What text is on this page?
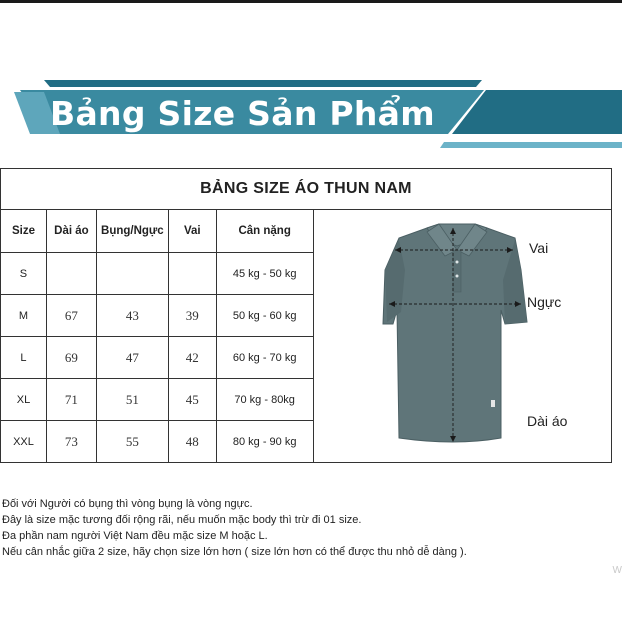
Bảng Size Sản Phẩm
BẢNG SIZE ÁO THUN NAM					
Size	Dài áo	Bụng/Ngực	Vai	Cân nặng	
S				45 kg - 50 kg	
M	67	43	39	50 kg - 60 kg	
L	69	47	42	60 kg - 70 kg	
XL	71	51	45	70 kg - 80kg	
XXL	73	55	48	80 kg - 90 kg	
Vai
Ngực
Dài áo
Đối với Người có bụng thì vòng bụng là vòng ngực.
Đây là size mặc tương đối rộng rãi, nếu muốn mặc body thì trừ đi 01 size.
Đa phần nam người Việt Nam đều mặc size M hoặc L.
Nếu cân nhắc giữa 2 size, hãy chọn size lớn hơn ( size lớn hơn có thể được thu nhỏ dễ dàng ).
W
